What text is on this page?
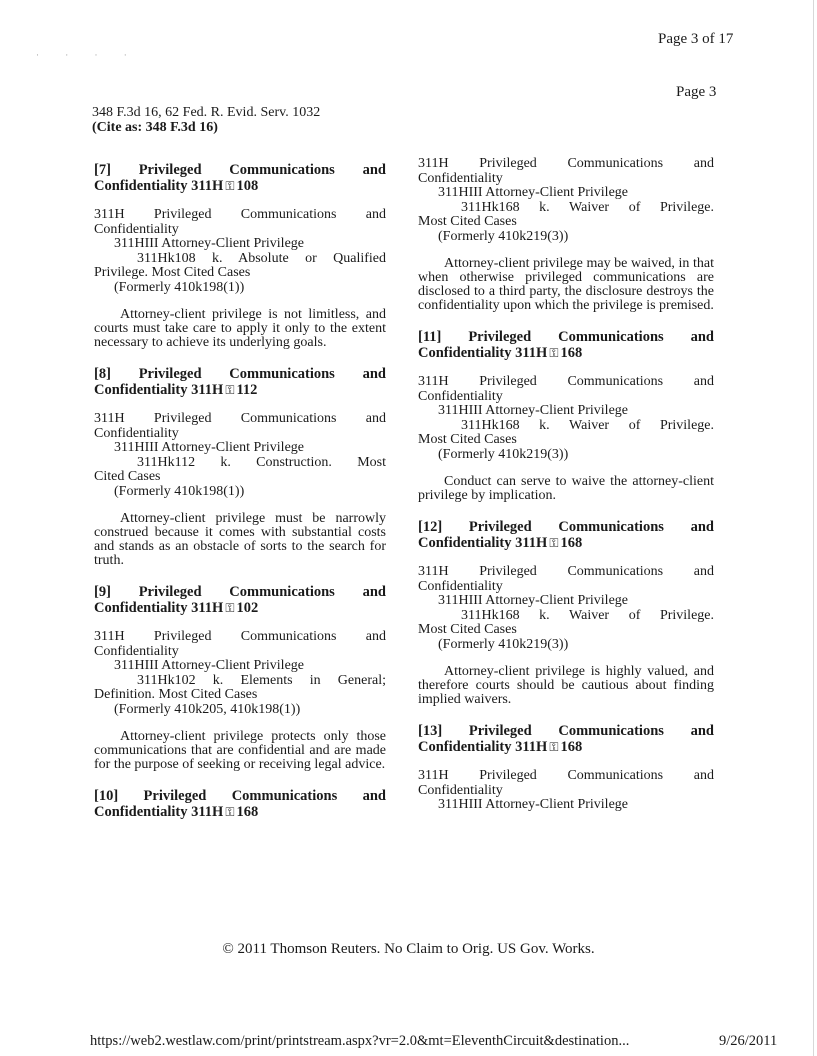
· · · ·
Page 3 of 17
Page 3
348 F.3d 16, 62 Fed. R. Evid. Serv. 1032
(Cite as: 348 F.3d 16)

[7] Privileged Communications and Confidentiality 311H ⚿ 108

311H Privileged Communications and
Confidentiality
311HIII Attorney-Client Privilege
311Hk108 k. Absolute or Qualified
Privilege. Most Cited Cases
(Formerly 410k198(1))
Attorney-client privilege is not limitless, and courts must take care to apply it only to the extent necessary to achieve its underlying goals.

[8] Privileged Communications and Confidentiality 311H ⚿ 112

311H Privileged Communications and
Confidentiality
311HIII Attorney-Client Privilege
311Hk112 k. Construction. Most
Cited Cases
(Formerly 410k198(1))
Attorney-client privilege must be narrowly construed because it comes with substantial costs and stands as an obstacle of sorts to the search for truth.

[9] Privileged Communications and Confidentiality 311H ⚿ 102

311H Privileged Communications and
Confidentiality
311HIII Attorney-Client Privilege
311Hk102 k. Elements in General;
Definition. Most Cited Cases
(Formerly 410k205, 410k198(1))
Attorney-client privilege protects only those communications that are confidential and are made for the purpose of seeking or receiving legal advice.

[10] Privileged Communications and Confidentiality 311H ⚿ 168

311H Privileged Communications and
Confidentiality
311HIII Attorney-Client Privilege
311Hk168 k. Waiver of Privilege.
Most Cited Cases
(Formerly 410k219(3))
Attorney-client privilege may be waived, in that when otherwise privileged communications are disclosed to a third party, the disclosure destroys the confidentiality upon which the privilege is premised.

[11] Privileged Communications and Confidentiality 311H ⚿ 168

311H Privileged Communications and
Confidentiality
311HIII Attorney-Client Privilege
311Hk168 k. Waiver of Privilege.
Most Cited Cases
(Formerly 410k219(3))
Conduct can serve to waive the attorney-client privilege by implication.

[12] Privileged Communications and Confidentiality 311H ⚿ 168

311H Privileged Communications and
Confidentiality
311HIII Attorney-Client Privilege
311Hk168 k. Waiver of Privilege.
Most Cited Cases
(Formerly 410k219(3))
Attorney-client privilege is highly valued, and therefore courts should be cautious about finding implied waivers.

[13] Privileged Communications and Confidentiality 311H ⚿ 168

311H Privileged Communications and
Confidentiality
311HIII Attorney-Client Privilege
© 2011 Thomson Reuters. No Claim to Orig. US Gov. Works.
https://web2.westlaw.com/print/printstream.aspx?vr=2.0&mt=EleventhCircuit&destination...	9/26/2011
